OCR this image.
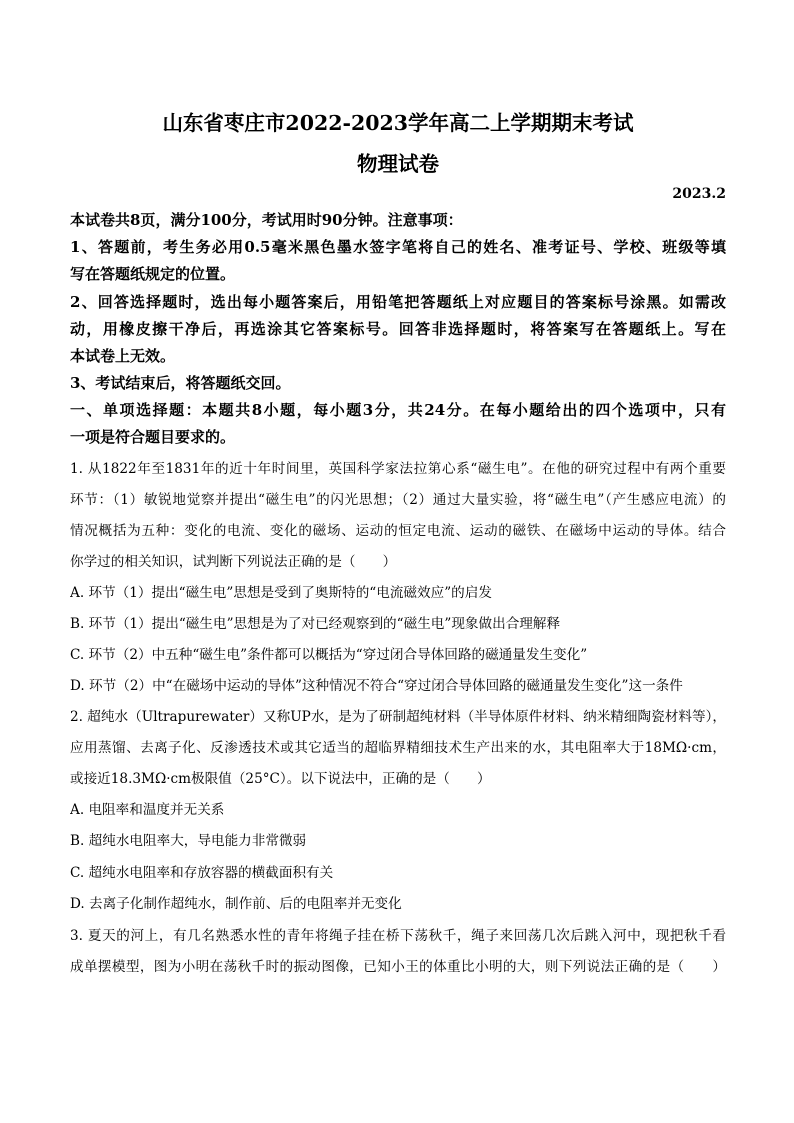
山东省枣庄市2022-2023学年高二上学期期末考试
物理试卷
2023.2
本试卷共8页，满分100分，考试用时90分钟。注意事项：
1、答题前，考生务必用0.5毫米黑色墨水签字笔将自己的姓名、准考证号、学校、班级等填
写在答题纸规定的位置。
2、回答选择题时，选出每小题答案后，用铅笔把答题纸上对应题目的答案标号涂黑。如需改
动，用橡皮擦干净后，再选涂其它答案标号。回答非选择题时，将答案写在答题纸上。写在
本试卷上无效。
3、考试结束后，将答题纸交回。
一、单项选择题：本题共8小题，每小题3分，共24分。在每小题给出的四个选项中，只有
一项是符合题目要求的。
1. 从1822年至1831年的近十年时间里，英国科学家法拉第心系“磁生电”。在他的研究过程中有两个重要
环节：（1）敏锐地觉察并提出“磁生电”的闪光思想；（2）通过大量实验，将“磁生电”（产生感应电流）的
情况概括为五种：变化的电流、变化的磁场、运动的恒定电流、运动的磁铁、在磁场中运动的导体。结合
你学过的相关知识，试判断下列说法正确的是（　　）
A. 环节（1）提出“磁生电”思想是受到了奥斯特的“电流磁效应”的启发
B. 环节（1）提出“磁生电”思想是为了对已经观察到的“磁生电”现象做出合理解释
C. 环节（2）中五种“磁生电”条件都可以概括为“穿过闭合导体回路的磁通量发生变化”
D. 环节（2）中“在磁场中运动的导体”这种情况不符合“穿过闭合导体回路的磁通量发生变化”这一条件
2. 超纯水（Ultrapurewater）又称UP水，是为了研制超纯材料（半导体原件材料、纳米精细陶瓷材料等），
应用蒸馏、去离子化、反渗透技术或其它适当的超临界精细技术生产出来的水，其电阻率大于18MΩ·cm，
或接近18.3MΩ·cm极限值（25°C）。以下说法中，正确的是（　　）
A. 电阻率和温度并无关系
B. 超纯水电阻率大，导电能力非常微弱
C. 超纯水电阻率和存放容器的横截面积有关
D. 去离子化制作超纯水，制作前、后的电阻率并无变化
3. 夏天的河上，有几名熟悉水性的青年将绳子挂在桥下荡秋千，绳子来回荡几次后跳入河中，现把秋千看
成单摆模型，图为小明在荡秋千时的振动图像，已知小王的体重比小明的大，则下列说法正确的是（　　）
